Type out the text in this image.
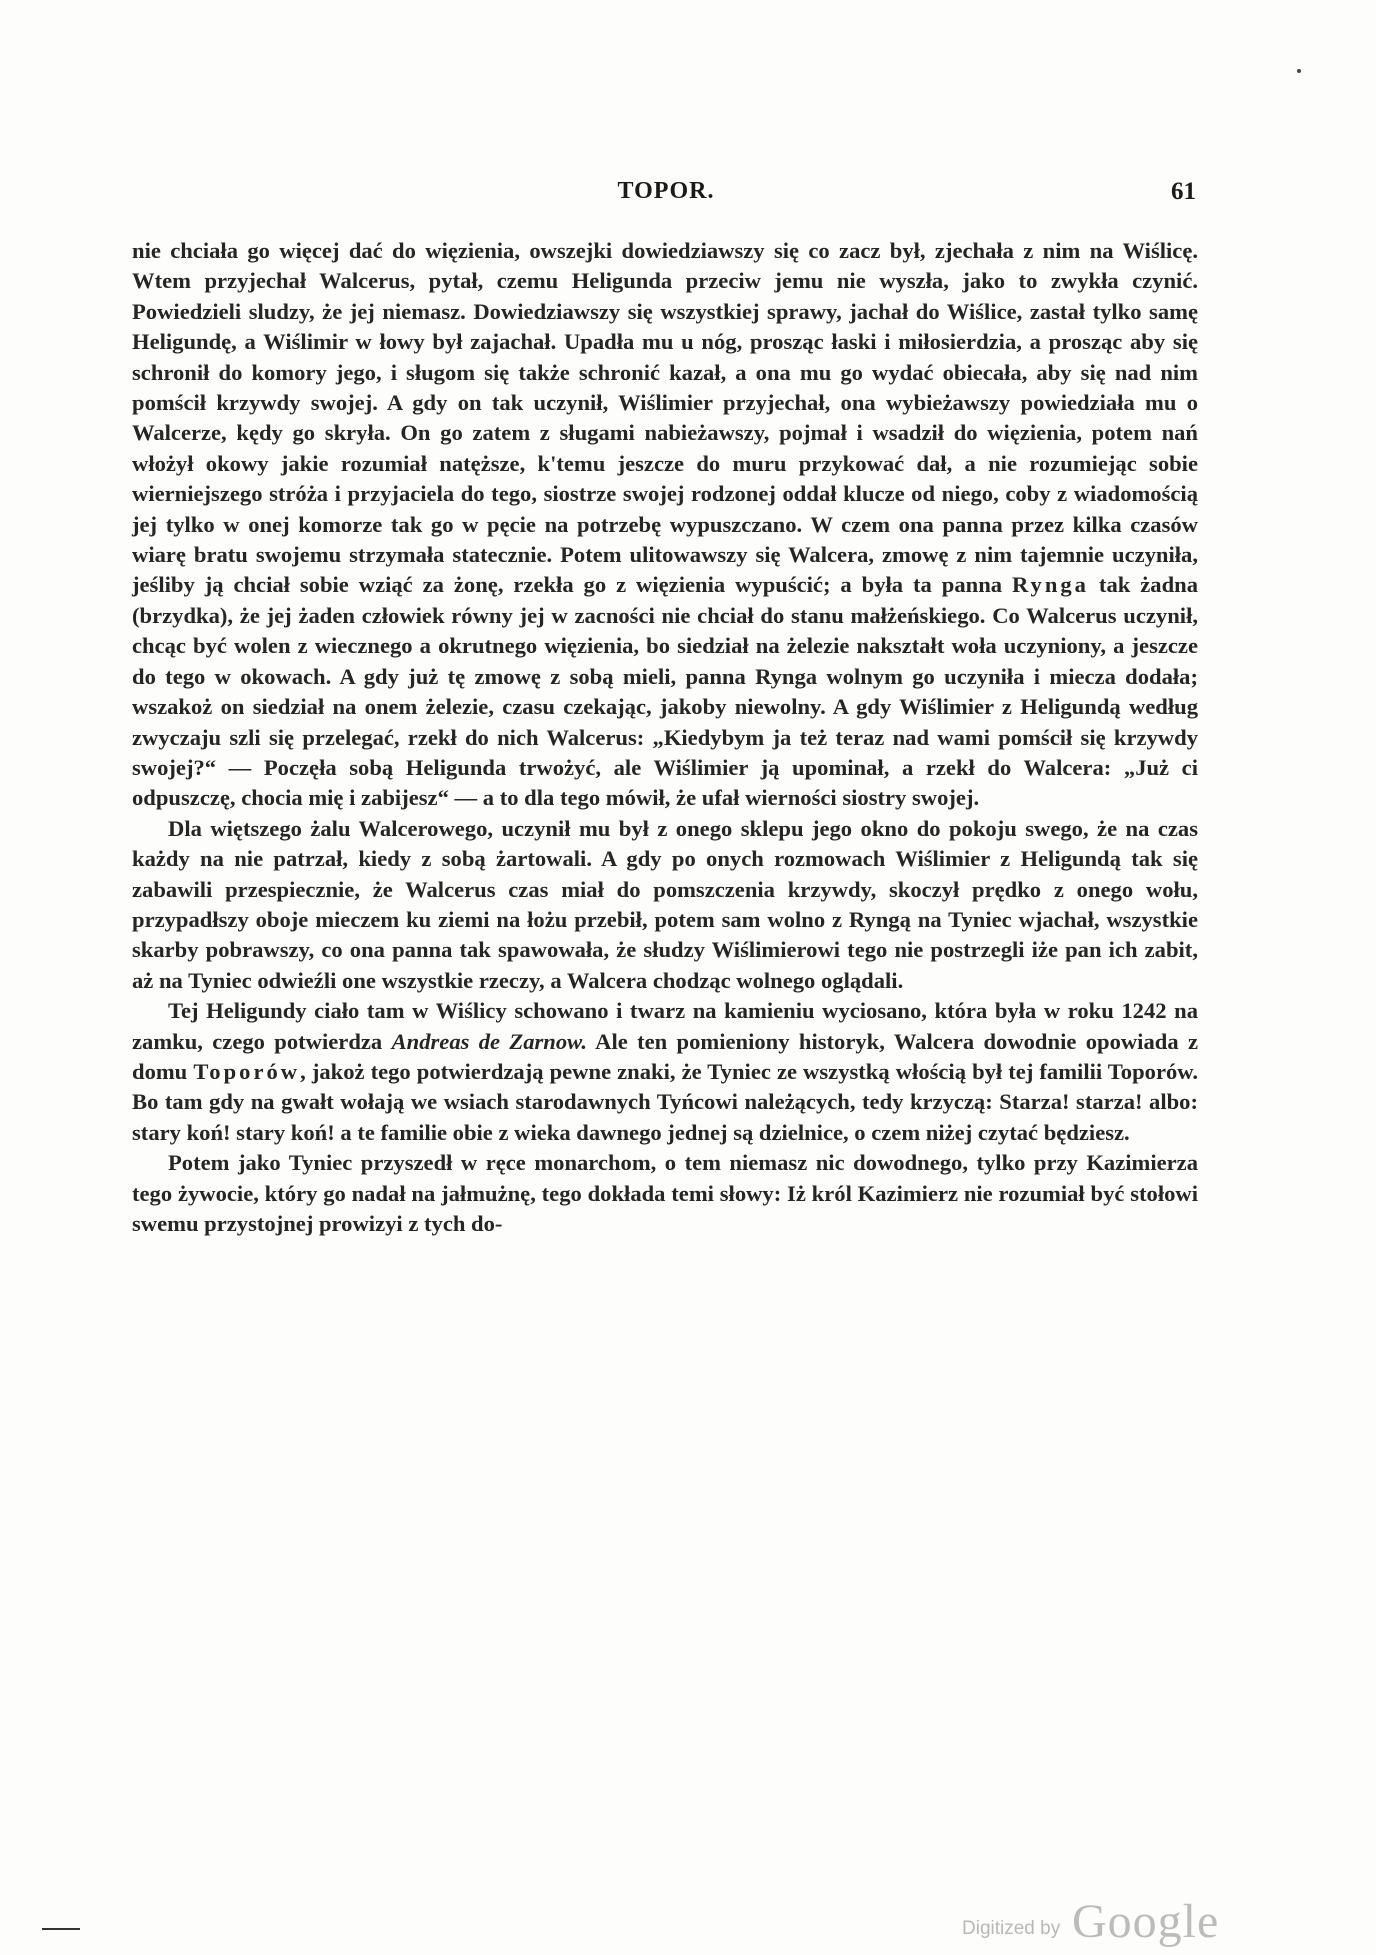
TOPOR.	61

nie chciała go więcej dać do więzienia, owszejki dowiedziawszy się co zacz był, zjechała z nim na Wiślicę. Wtem przyjechał Walcerus, pytał, czemu Heligunda przeciw jemu nie wyszła, jako to zwykła czynić. Powiedzieli sludzy, że jej niemasz. Dowiedziawszy się wszystkiej sprawy, jachał do Wiślice, zastał tylko samę Heligundę, a Wiślimir w łowy był zajachał. Upadła mu u nóg, prosząc łaski i miłosierdzia, a prosząc aby się schronił do komory jego, i sługom się także schronić kazał, a ona mu go wydać obiecała, aby się nad nim pomścił krzywdy swojej. A gdy on tak uczynił, Wiślimier przyjechał, ona wybieżawszy powiedziała mu o Walcerze, kędy go skryła. On go zatem z sługami nabieżawszy, pojmał i wsadził do więzienia, potem nań włożył okowy jakie rozumiał natęższe, k'temu jeszcze do muru przykować dał, a nie rozumiejąc sobie wierniejszego stróża i przyjaciela do tego, siostrze swojej rodzonej oddał klucze od niego, coby z wiadomością jej tylko w onej komorze tak go w pęcie na potrzebę wypuszczano. W czem ona panna przez kilka czasów wiarę bratu swojemu strzymała statecznie. Potem ulitowawszy się Walcera, zmowę z nim tajemnie uczyniła, jeśliby ją chciał sobie wziąć za żonę, rzekła go z więzienia wypuścić; a była ta panna Rynga tak żadna (brzydka), że jej żaden człowiek równy jej w zacności nie chciał do stanu małżeńskiego. Co Walcerus uczynił, chcąc być wolen z wiecznego a okrutnego więzienia, bo siedział na żelezie nakształt woła uczyniony, a jeszcze do tego w okowach. A gdy już tę zmowę z sobą mieli, panna Rynga wolnym go uczyniła i miecza dodała; wszakoż on siedział na onem żelezie, czasu czekając, jakoby niewolny. A gdy Wiślimier z Heligundą według zwyczaju szli się przelegać, rzekł do nich Walcerus: „Kiedybym ja też teraz nad wami pomścił się krzywdy swojej?“ — Poczęła sobą Heligunda trwożyć, ale Wiślimier ją upominał, a rzekł do Walcera: „Już ci odpuszczę, chocia mię i zabijesz“ — a to dla tego mówił, że ufał wierności siostry swojej.

Dla więtszego żalu Walcerowego, uczynił mu był z onego sklepu jego okno do pokoju swego, że na czas każdy na nie patrzał, kiedy z sobą żartowali. A gdy po onych rozmowach Wiślimier z Heligundą tak się zabawili przespiecznie, że Walcerus czas miał do pomszczenia krzywdy, skoczył prędko z onego wołu, przypadłszy oboje mieczem ku ziemi na łożu przebił, potem sam wolno z Ryngą na Tyniec wjachał, wszystkie skarby pobrawszy, co ona panna tak spawowała, że słudzy Wiślimierowi tego nie postrzegli iże pan ich zabit, aż na Tyniec odwieźli one wszystkie rzeczy, a Walcera chodząc wolnego oglądali.

Tej Heligundy ciało tam w Wiślicy schowano i twarz na kamieniu wyciosano, która była w roku 1242 na zamku, czego potwierdza Andreas de Zarnow. Ale ten pomieniony historyk, Walcera dowodnie opowiada z domu Toporów, jakoż tego potwierdzają pewne znaki, że Tyniec ze wszystką włością był tej familii Toporów. Bo tam gdy na gwałt wołają we wsiach starodawnych Tyńcowi należących, tedy krzyczą: Starza! starza! albo: stary koń! stary koń! a te familie obie z wieka dawnego jednej są dzielnice, o czem niżej czytać będziesz.

Potem jako Tyniec przyszedł w ręce monarchom, o tem niemasz nic dowodnego, tylko przy Kazimierza tego żywocie, który go nadał na jałmużnę, tego dokłada temi słowy: Iż król Kazimierz nie rozumiał być stołowi swemu przystojnej prowizyi z tych do-

Digitized by Google
